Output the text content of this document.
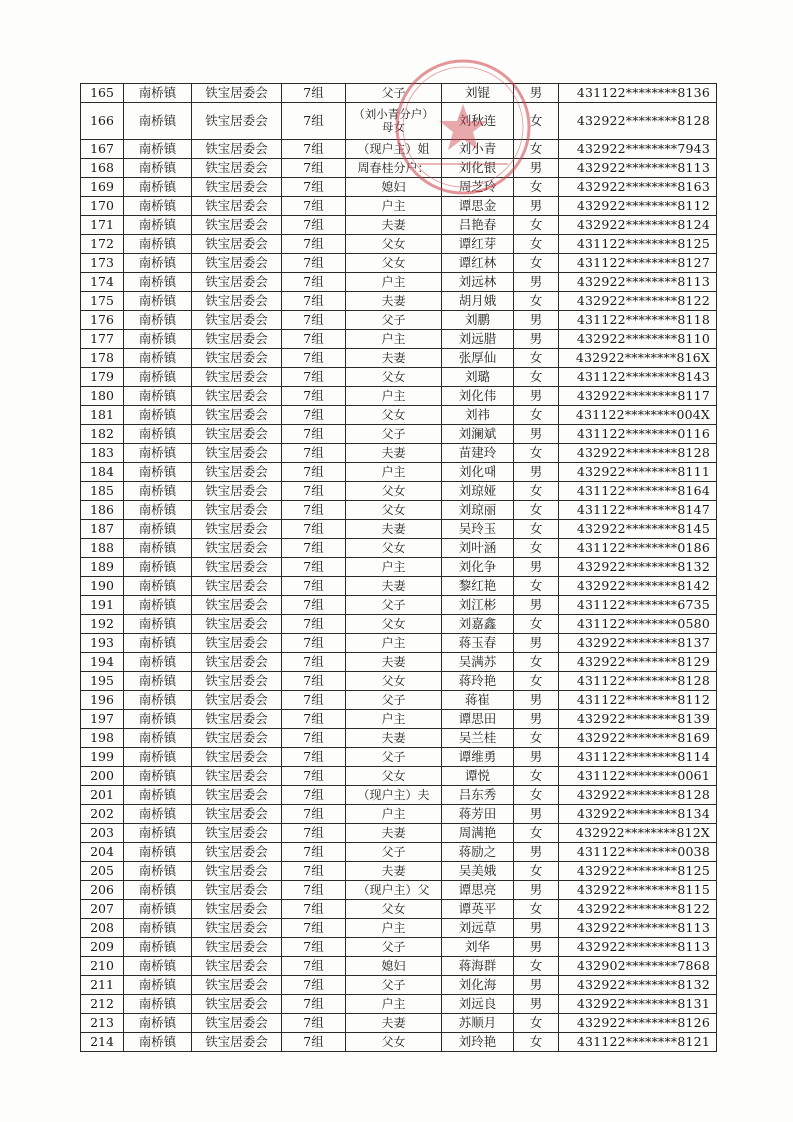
165	南桥镇	铁宝居委会	7组	父子	刘锟	男	431122********8136
166	南桥镇	铁宝居委会	7组	（刘小青分户）母女	刘秋连	女	432922********8128
167	南桥镇	铁宝居委会	7组	（现户主）姐	刘小青	女	432922********7943
168	南桥镇	铁宝居委会	7组	周春桂分户：	刘化银	男	432922********8113
169	南桥镇	铁宝居委会	7组	媳妇	周芝玲	女	432922********8163
170	南桥镇	铁宝居委会	7组	户主	谭思金	男	432922********8112
171	南桥镇	铁宝居委会	7组	夫妻	吕艳春	女	432922********8124
172	南桥镇	铁宝居委会	7组	父女	谭红芽	女	431122********8125
173	南桥镇	铁宝居委会	7组	父女	谭红林	女	431122********8127
174	南桥镇	铁宝居委会	7组	户主	刘远林	男	432922********8113
175	南桥镇	铁宝居委会	7组	夫妻	胡月娥	女	432922********8122
176	南桥镇	铁宝居委会	7组	父子	刘鹏	男	431122********8118
177	南桥镇	铁宝居委会	7组	户主	刘远腊	男	432922********8110
178	南桥镇	铁宝居委会	7组	夫妻	张厚仙	女	432922********816X
179	南桥镇	铁宝居委会	7组	父女	刘璐	女	431122********8143
180	南桥镇	铁宝居委会	7组	户主	刘化伟	男	432922********8117
181	南桥镇	铁宝居委会	7组	父女	刘祎	女	431122********004X
182	南桥镇	铁宝居委会	7组	父子	刘澜斌	男	431122********0116
183	南桥镇	铁宝居委会	7组	夫妻	苗建玲	女	432922********8128
184	南桥镇	铁宝居委会	7组	户主	刘化때	男	432922********8111
185	南桥镇	铁宝居委会	7组	父女	刘琼娅	女	431122********8164
186	南桥镇	铁宝居委会	7组	父女	刘琼丽	女	431122********8147
187	南桥镇	铁宝居委会	7组	夫妻	吴玲玉	女	432922********8145
188	南桥镇	铁宝居委会	7组	父女	刘叶涵	女	431122********0186
189	南桥镇	铁宝居委会	7组	户主	刘化争	男	432922********8132
190	南桥镇	铁宝居委会	7组	夫妻	黎红艳	女	432922********8142
191	南桥镇	铁宝居委会	7组	父子	刘江彬	男	431122********6735
192	南桥镇	铁宝居委会	7组	父女	刘嘉鑫	女	431122********0580
193	南桥镇	铁宝居委会	7组	户主	蒋玉春	男	432922********8137
194	南桥镇	铁宝居委会	7组	夫妻	吴满苏	女	432922********8129
195	南桥镇	铁宝居委会	7组	父女	蒋玲艳	女	431122********8128
196	南桥镇	铁宝居委会	7组	父子	蒋崔	男	431122********8112
197	南桥镇	铁宝居委会	7组	户主	谭思田	男	432922********8139
198	南桥镇	铁宝居委会	7组	夫妻	吴兰桂	女	432922********8169
199	南桥镇	铁宝居委会	7组	父子	谭维勇	男	431122********8114
200	南桥镇	铁宝居委会	7组	父女	谭悦	女	431122********0061
201	南桥镇	铁宝居委会	7组	（现户主）夫	吕东秀	女	432922********8128
202	南桥镇	铁宝居委会	7组	户主	蒋芳田	男	432922********8134
203	南桥镇	铁宝居委会	7组	夫妻	周满艳	女	432922********812X
204	南桥镇	铁宝居委会	7组	父子	蒋励之	男	431122********0038
205	南桥镇	铁宝居委会	7组	夫妻	吴美娥	女	432922********8125
206	南桥镇	铁宝居委会	7组	（现户主）父	谭思亮	男	432922********8115
207	南桥镇	铁宝居委会	7组	父女	谭英平	女	432922********8122
208	南桥镇	铁宝居委会	7组	户主	刘远草	男	432922********8113
209	南桥镇	铁宝居委会	7组	父子	刘华	男	432922********8113
210	南桥镇	铁宝居委会	7组	媳妇	蒋海群	女	432902********7868
211	南桥镇	铁宝居委会	7组	父子	刘化海	男	432922********8132
212	南桥镇	铁宝居委会	7组	户主	刘远良	男	432922********8131
213	南桥镇	铁宝居委会	7组	夫妻	苏顺月	女	432922********8126
214	南桥镇	铁宝居委会	7组	父女	刘玲艳	女	431122********8121
